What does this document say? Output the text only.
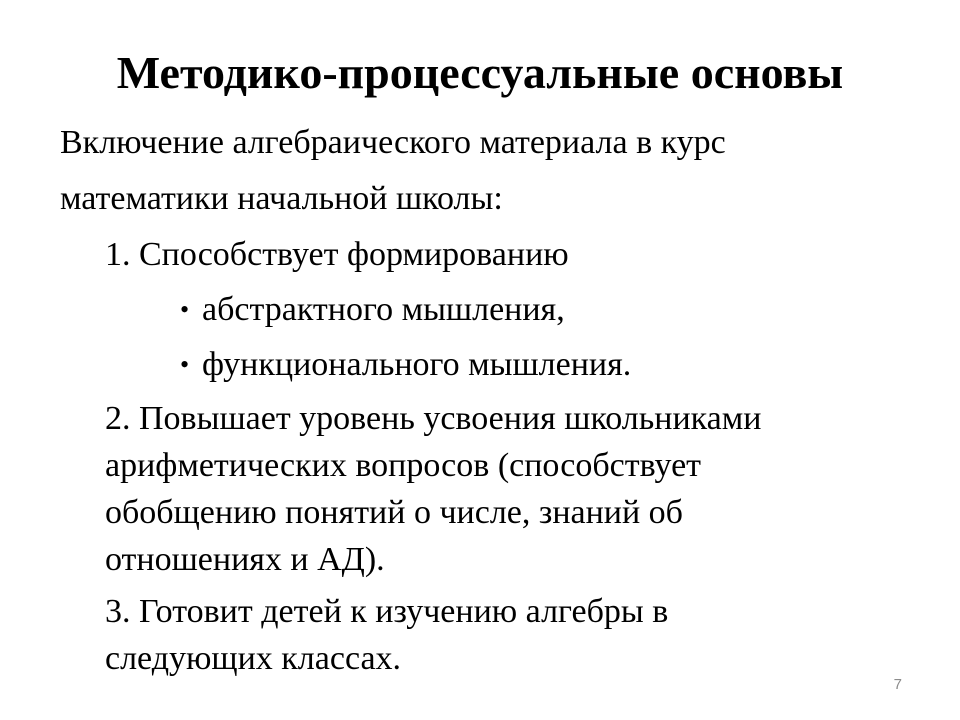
Методико-процессуальные основы
Включение алгебраического материала в курс
математики начальной школы:
1. Способствует формированию
• абстрактного мышления,
• функционального мышления.

2. Повышает уровень усвоения школьниками

арифметических вопросов (способствует

обобщению понятий о числе, знаний об

отношениях и АД).

3. Готовит детей к изучению алгебры в

следующих классах.

7
